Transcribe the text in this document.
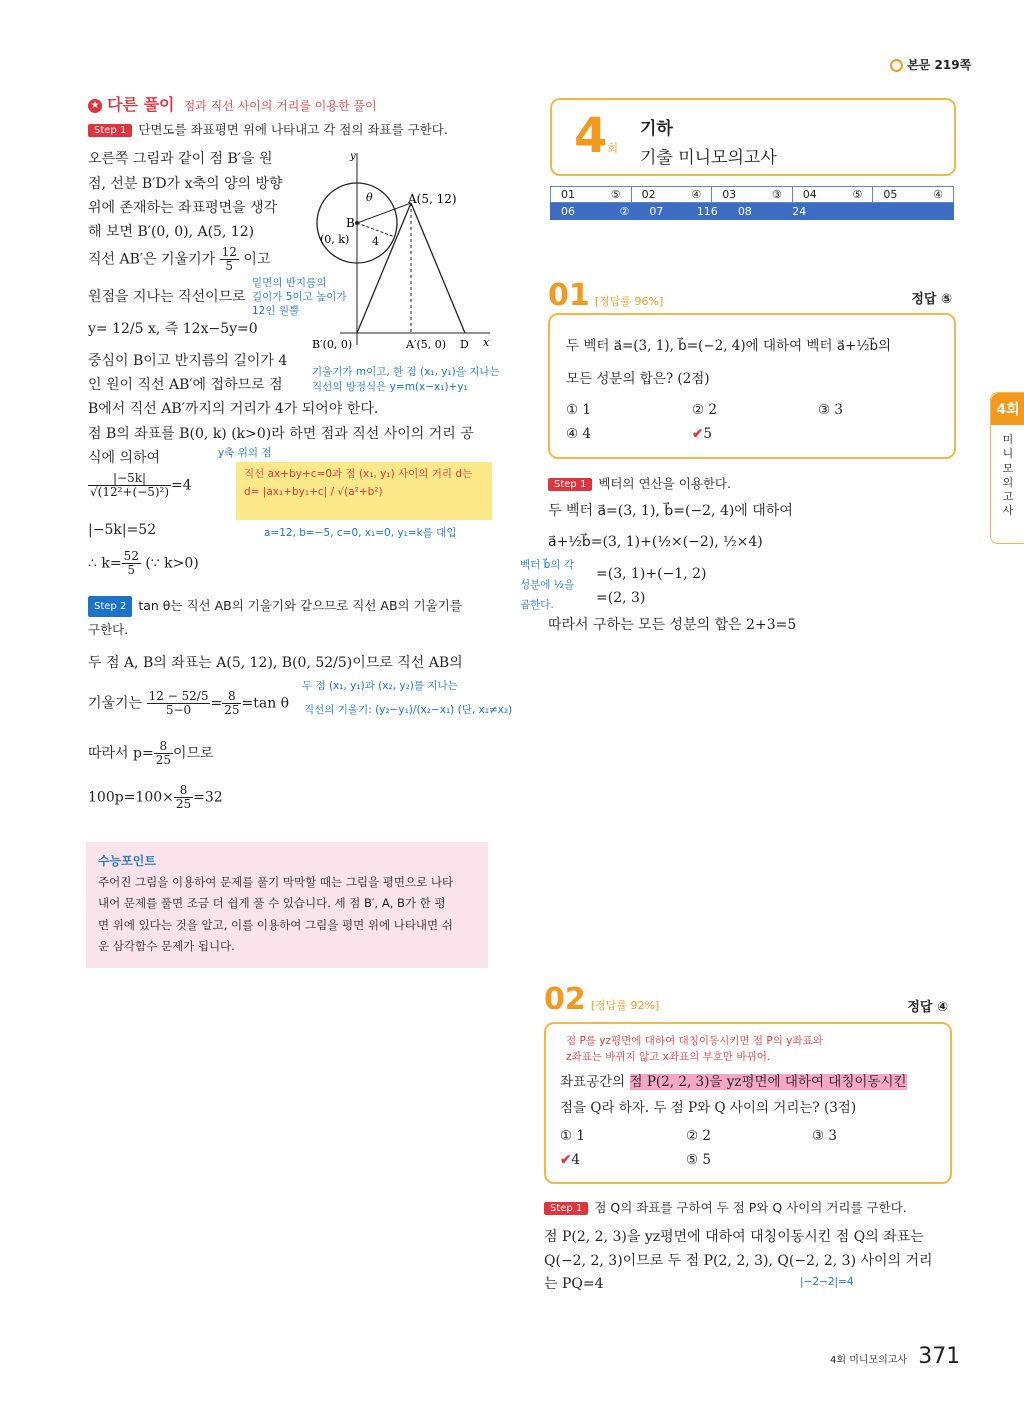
본문 219쪽
★ 다른 풀이 점과 직선 사이의 거리를 이용한 풀이
Step 1 단면도를 좌표평면 위에 나타내고 각 점의 좌표를 구한다.
오른쪽 그림과 같이 점 B′을 원
점, 선분 B′D가 x축의 양의 방향
위에 존재하는 좌표평면을 생각
해 보면 B′(0, 0), A(5, 12)
직선 AB′은 기울기가 $\frac{12}{5}$ 이고
원점을 지나는 직선이므로
y= 12/5 x, 즉 12x−5y=0
밑면의 반지름의
길이가 5이고 높이가
12인 원뿔
중심이 B이고 반지름의 길이가 4
인 원이 직선 AB′에 접하므로 점
B에서 직선 AB′까지의 거리가 4가 되어야 한다.
점 B의 좌표를 B(0, k) (k>0)라 하면 점과 직선 사이의 거리 공
식에 의하여
기울기가 m이고, 한 점 (x₁, y₁)을 지나는
직선의 방정식은 y=m(x−x₁)+y₁
y축 위의 점
y
A(5, 12)
θ
B
(0, k) 4
B′(0, 0)	A′(5, 0) D x
$\frac{|-5k|}{\text{√(12²+(−5)²)}} =4$
|−5k|=52
∴ $k= \frac{52}{5}$ (∵ k>0)
직선 ax+by+c=0과 점 (x₁, y₁) 사이의 거리 d는
d= |ax₁+by₁+c| / √(a²+b²)
a=12, b=−5, c=0, x₁=0, y₁=k를 대입
Step 2 tan θ는 직선 AB의 기울기와 같으므로 직선 AB의 기울기를
구한다.
두 점 A, B의 좌표는 A(5, 12), B(0, 52/5)이므로 직선 AB의
두 점 (x₁, y₁)과 (x₂, y₂)를 지나는
기울기는 $\frac{12 - 52/5}{5-0} = \frac{8}{25} =\tan$ θ 직선의 기울기: (y₂−y₁)/(x₂−x₁) (단, x₁≠x₂)
따라서 $p= \frac{8}{25}$ 이므로
$100p=100\times \frac{8}{25} =32$
수능포인트
주어진 그림을 이용하여 문제를 풀기 막막할 때는 그림을 평면으로 나타
내어 문제를 풀면 조금 더 쉽게 풀 수 있습니다. 세 점 B′, A, B가 한 평
면 위에 있다는 것을 알고, 이를 이용하여 그림을 평면 위에 나타내면 쉬
운 삼각함수 문제가 됩니다.
4회
기하
기출 미니모의고사
01	⑤ 02	④ 03	③ 04	⑤ 05	④
06	② 07	116 08	24
01 [정답률 96%]	정답 ⑤
두 벡터 a⃗=(3, 1), b⃗=(−2, 4)에 대하여 벡터 a⃗+½b⃗의
모든 성분의 합은? (2점)
① 1	② 2	③ 3
④ 4	✔5
Step 1 벡터의 연산을 이용한다.
두 벡터 a⃗=(3, 1), b⃗=(−2, 4)에 대하여
a⃗+½b⃗=(3, 1)+(½×(−2), ½×4)
=(3, 1)+(−1, 2)
=(2, 3)
따라서 구하는 모든 성분의 합은 2+3=5
벡터 b⃗의 각
성분에 ½을
곱한다.
02 [정답률 92%]	정답 ④
점 P를 yz평면에 대하여 대칭이동시키면 점 P의 y좌표와
z좌표는 바뀌지 않고 x좌표의 부호만 바뀌어.
좌표공간의 점 P(2, 2, 3)을 yz평면에 대하여 대칭이동시킨
점을 Q라 하자. 두 점 P와 Q 사이의 거리는? (3점)
① 1	② 2	③ 3
✔4	⑤ 5
Step 1 점 Q의 좌표를 구하여 두 점 P와 Q 사이의 거리를 구한다.
점 P(2, 2, 3)을 yz평면에 대하여 대칭이동시킨 점 Q의 좌표는
Q(−2, 2, 3)이므로 두 점 P(2, 2, 3), Q(−2, 2, 3) 사이의 거리
는 PQ=4	|−2−2|=4
4회
미
니
모
의
고
사
4회 미니모의고사 371
